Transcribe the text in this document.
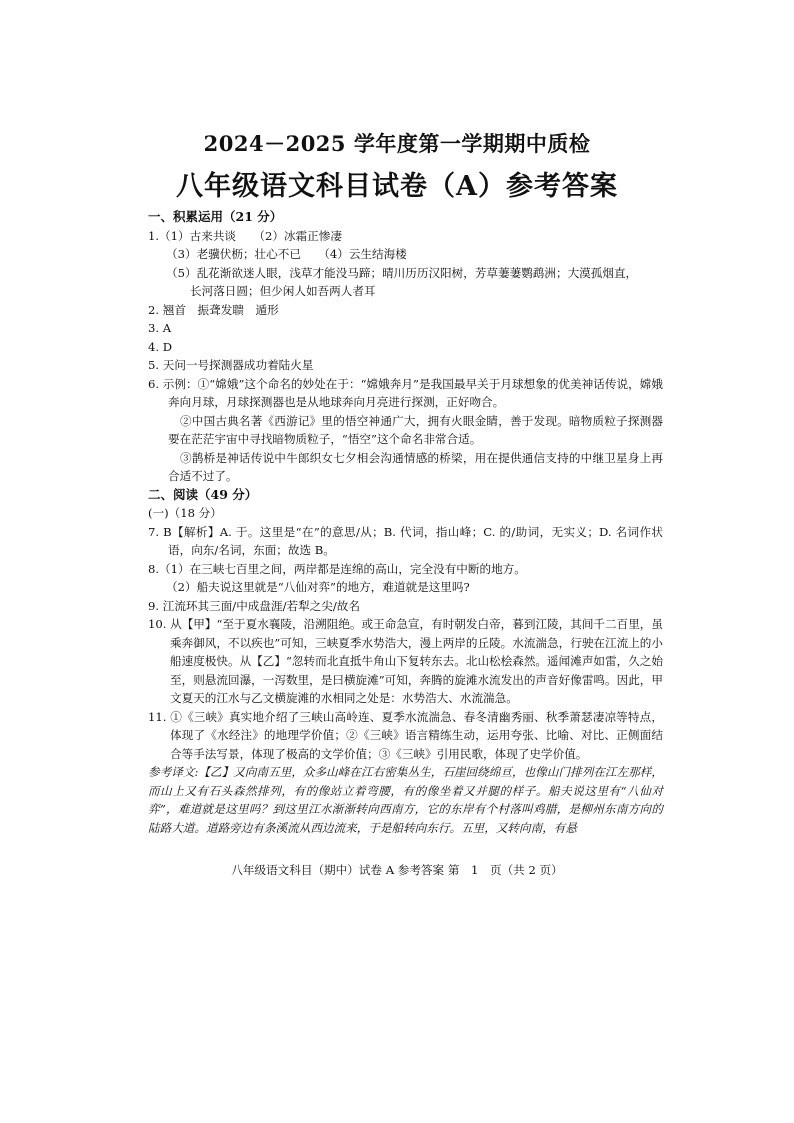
2024－2025 学年度第一学期期中质检
八年级语文科目试卷（A）参考答案
一、积累运用（21 分）
1.（1）古来共谈　　（2）冰霜正惨凄
（3）老骥伏枥；壮心不已　　（4）云生结海楼
（5）乱花渐欲迷人眼，浅草才能没马蹄；晴川历历汉阳树，芳草萋萋鹦鹉洲；大漠孤烟直，
长河落日圆；但少闲人如吾两人者耳
2. 翘首　振聋发聩　遁形
3. A
4. D
5. 天问一号探测器成功着陆火星
6. 示例：①“嫦娥”这个命名的妙处在于：“嫦娥奔月”是我国最早关于月球想象的优美神话传说，嫦娥奔向月球，月球探测器也是从地球奔向月亮进行探测，正好吻合。
②中国古典名著《西游记》里的悟空神通广大，拥有火眼金睛，善于发现。暗物质粒子探测器要在茫茫宇宙中寻找暗物质粒子，“悟空”这个命名非常合适。
③鹊桥是神话传说中牛郎织女七夕相会沟通情感的桥梁，用在提供通信支持的中继卫星身上再合适不过了。
二、阅读（49 分）
(一)（18 分）
7. B【解析】A. 于。这里是“在”的意思/从；B. 代词，指山峰；C. 的/助词，无实义；D. 名词作状语，向东/名词，东面；故选 B。
8.（1）在三峡七百里之间，两岸都是连绵的高山，完全没有中断的地方。
（2）船夫说这里就是“八仙对弈”的地方，难道就是这里吗?
9. 江流环其三面/中成盘涯/若犁之尖/故名
10. 从【甲】“至于夏水襄陵，沿溯阻绝。或王命急宣，有时朝发白帝，暮到江陵，其间千二百里，虽乘奔御风，不以疾也”可知，三峡夏季水势浩大，漫上两岸的丘陵。水流湍急，行驶在江流上的小船速度极快。从【乙】“忽转而北直抵牛角山下复转东去。北山松桧森然。遥闻滩声如雷，久之始至，则悬流回瀑，一泻数里，是曰横旋滩”可知，奔腾的旋滩水流发出的声音好像雷鸣。因此，甲文夏天的江水与乙文横旋滩的水相同之处是：水势浩大、水流湍急。
11. ①《三峡》真实地介绍了三峡山高岭连、夏季水流湍急、春冬清幽秀丽、秋季萧瑟凄凉等特点，体现了《水经注》的地理学价值；②《三峡》语言精练生动，运用夸张、比喻、对比、正侧面结合等手法写景，体现了极高的文学价值；③《三峡》引用民歌，体现了史学价值。
参考译文:【乙】又向南五里，众多山峰在江右密集丛生，石崖回绕绵亘，也像山门排列在江左那样，而山上又有石头森然排列，有的像站立着弯腰，有的像坐着又并腿的样子。船夫说这里有“八仙对弈”，难道就是这里吗？到这里江水渐渐转向西南方，它的东岸有个村落叫鸡腊，是柳州东南方向的陆路大道。道路旁边有条溪流从西边流来，于是船转向东行。五里，又转向南，有悬
八年级语文科目（期中）试卷 A 参考答案 第　1　页（共 2 页）
